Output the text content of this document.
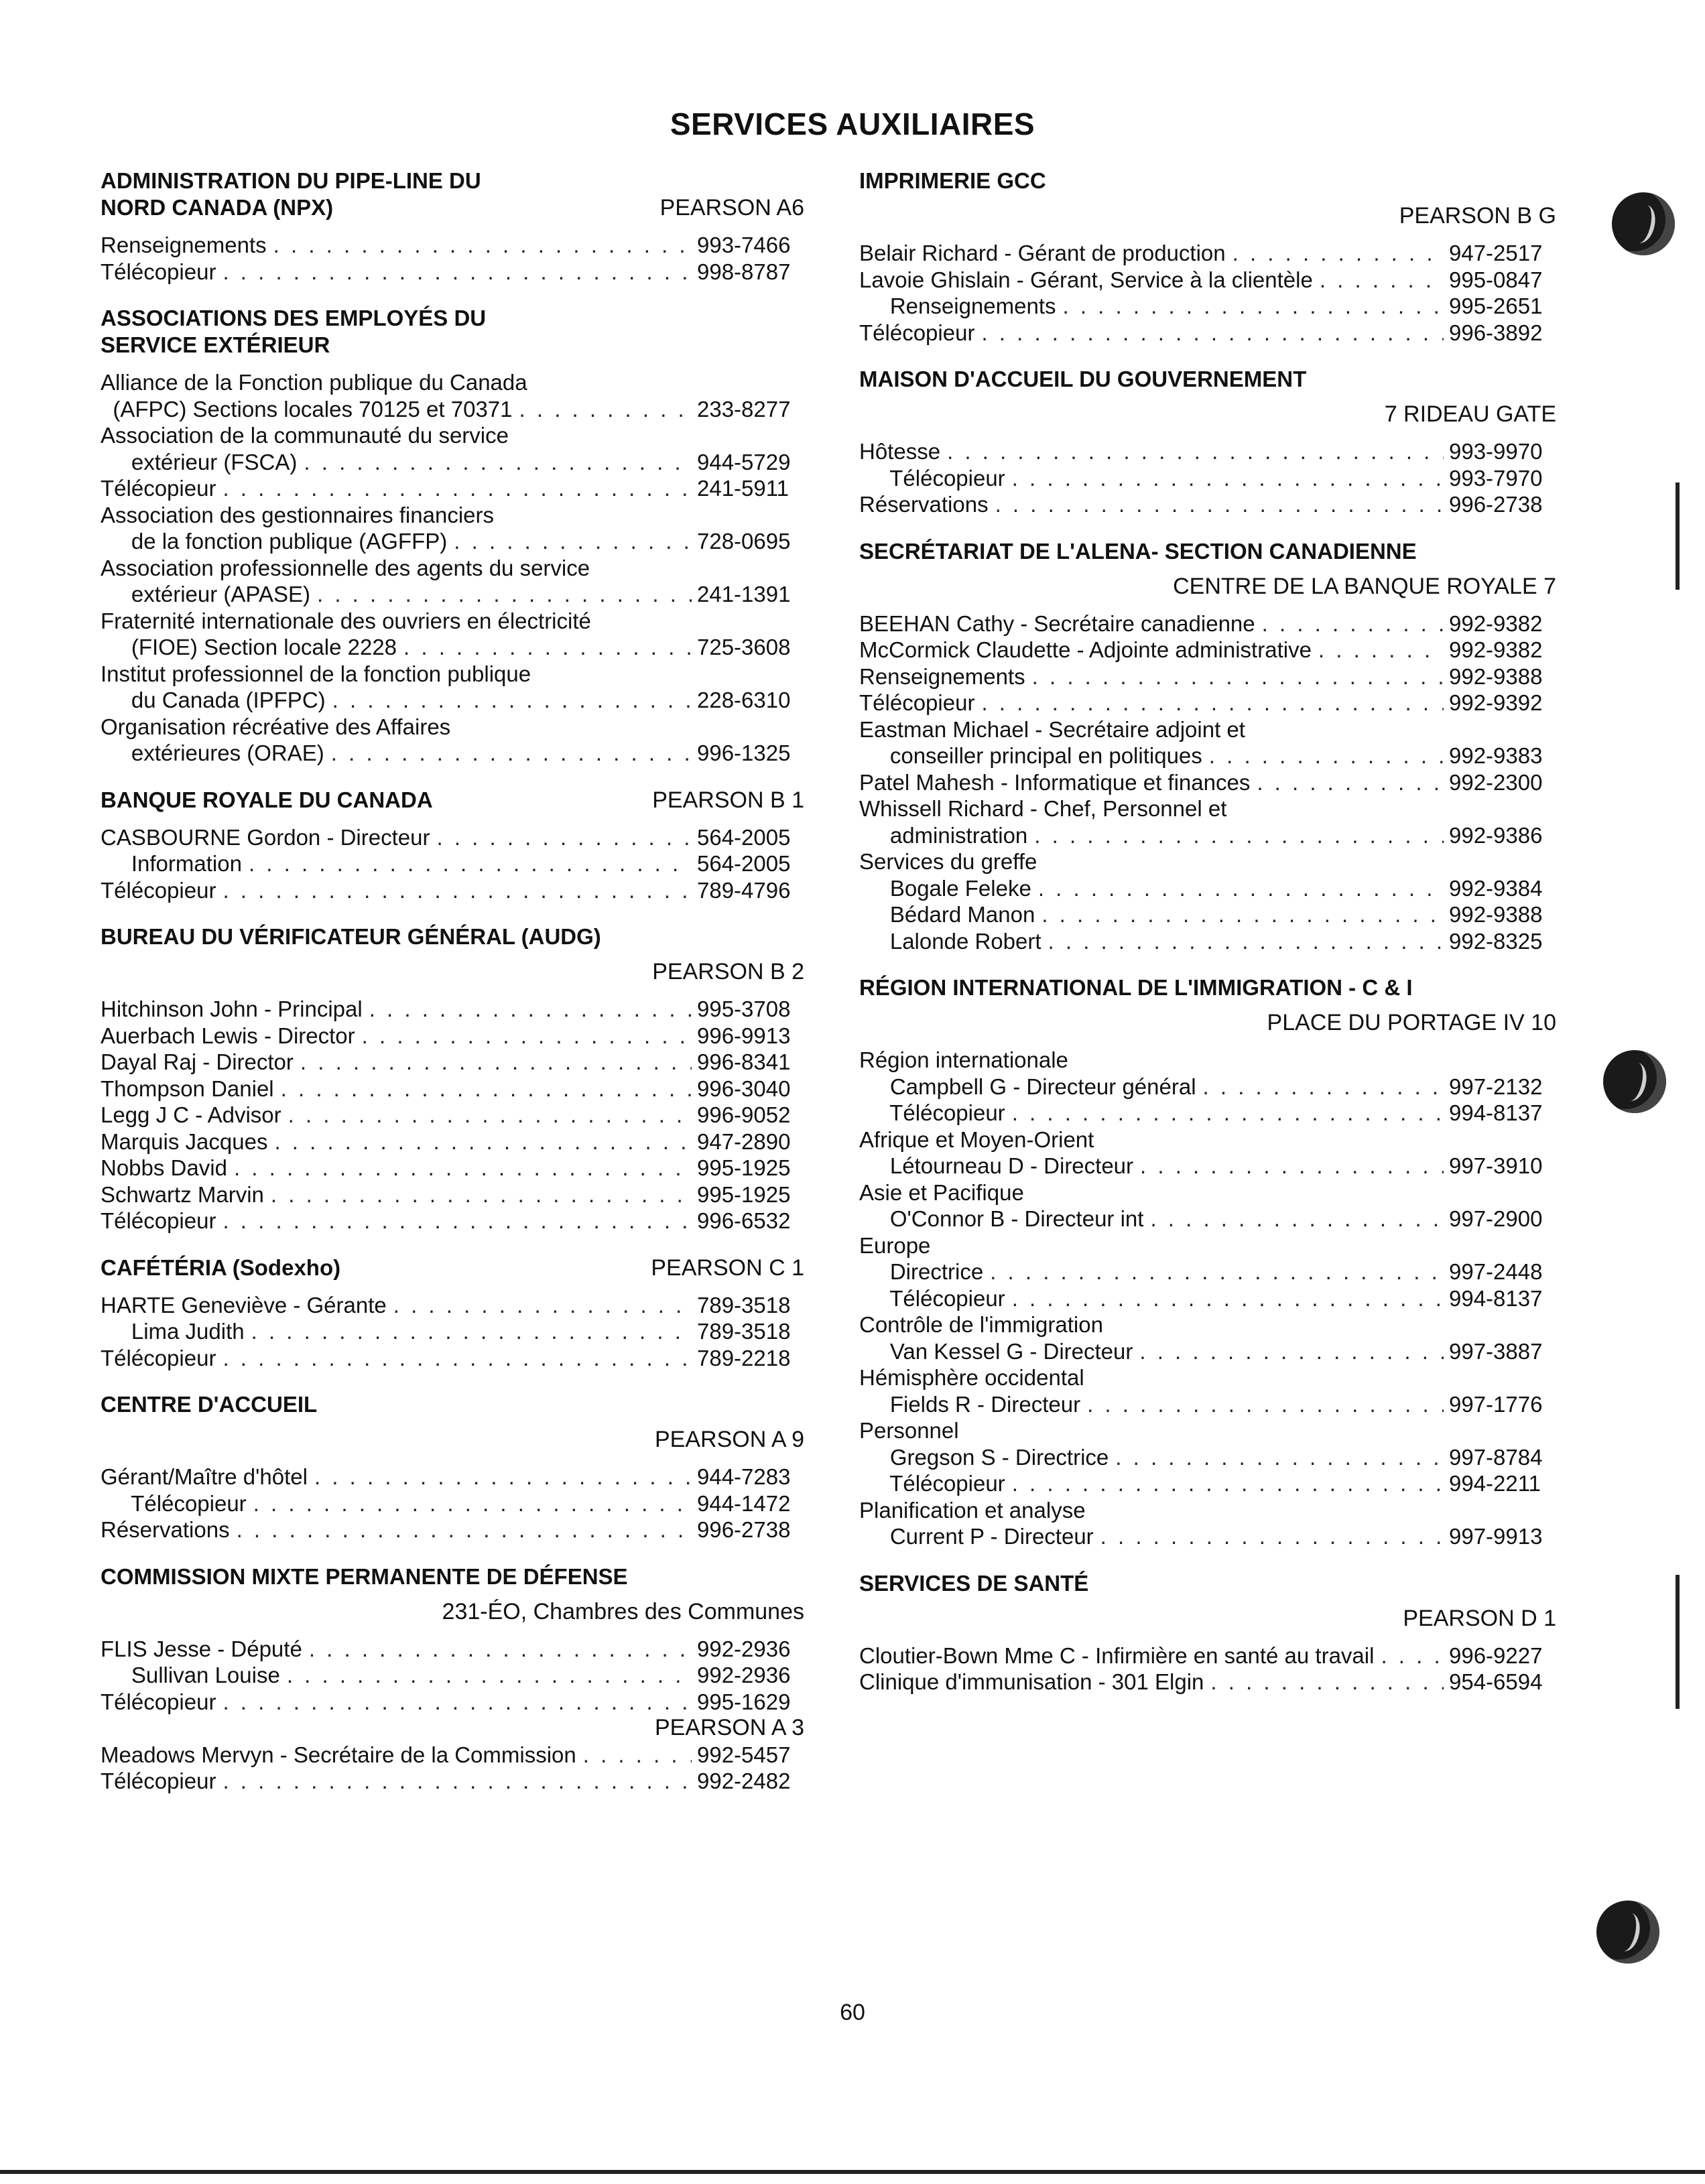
SERVICES AUXILIAIRES
ADMINISTRATION DU PIPE-LINE DU
NORD CANADA (NPX)	PEARSON A6
Renseignements . . .	993-7466
Télécopieur . . .	998-8787
ASSOCIATIONS DES EMPLOYÉS DU
SERVICE EXTÉRIEUR
Alliance de la Fonction publique du Canada
(AFPC) Sections locales 70125 et 70371 . . .	233-8277
Association de la communauté du service
extérieur (FSCA) . . .	944-5729
Télécopieur . . .	241-5911
Association des gestionnaires financiers
de la fonction publique (AGFFP) . . .	728-0695
Association professionnelle des agents du service
extérieur (APASE) . . .	241-1391
Fraternité internationale des ouvriers en électricité
(FIOE) Section locale 2228 . . .	725-3608
Institut professionnel de la fonction publique
du Canada (IPFPC) . . .	228-6310
Organisation récréative des Affaires
extérieures (ORAE) . . .	996-1325
BANQUE ROYALE DU CANADA	PEARSON B 1
CASBOURNE Gordon - Directeur . . .	564-2005
Information . . .	564-2005
Télécopieur . . .	789-4796
BUREAU DU VÉRIFICATEUR GÉNÉRAL (AUDG)
PEARSON B 2
Hitchinson John - Principal . . .	995-3708
Auerbach Lewis - Director . . .	996-9913
Dayal Raj - Director . . .	996-8341
Thompson Daniel . . .	996-3040
Legg J C - Advisor . . .	996-9052
Marquis Jacques . . .	947-2890
Nobbs David . . .	995-1925
Schwartz Marvin . . .	995-1925
Télécopieur . . .	996-6532
CAFÉTÉRIA (Sodexho)	PEARSON C 1
HARTE Geneviève - Gérante . . .	789-3518
Lima Judith . . .	789-3518
Télécopieur . . .	789-2218
CENTRE D'ACCUEIL
PEARSON A 9
Gérant/Maître d'hôtel . . .	944-7283
Télécopieur . . .	944-1472
Réservations . . .	996-2738
COMMISSION MIXTE PERMANENTE DE DÉFENSE
231-ÉO, Chambres des Communes
FLIS Jesse - Député . . .	992-2936
Sullivan Louise . . .	992-2936
Télécopieur . . .	995-1629
PEARSON A 3
Meadows Mervyn - Secrétaire de la Commission . . .	992-5457
Télécopieur . . .	992-2482
IMPRIMERIE GCC
PEARSON B G
Belair Richard - Gérant de production . . .	947-2517
Lavoie Ghislain - Gérant, Service à la clientèle . . .	995-0847
Renseignements . . .	995-2651
Télécopieur . . .	996-3892
MAISON D'ACCUEIL DU GOUVERNEMENT
7 RIDEAU GATE
Hôtesse . . .	993-9970
Télécopieur . . .	993-7970
Réservations . . .	996-2738
SECRÉTARIAT DE L'ALENA- SECTION CANADIENNE
CENTRE DE LA BANQUE ROYALE 7
BEEHAN Cathy - Secrétaire canadienne . . .	992-9382
McCormick Claudette - Adjointe administrative . . .	992-9382
Renseignements . . .	992-9388
Télécopieur . . .	992-9392
Eastman Michael - Secrétaire adjoint et
conseiller principal en politiques . . .	992-9383
Patel Mahesh - Informatique et finances . . .	992-2300
Whissell Richard - Chef, Personnel et
administration . . .	992-9386
Services du greffe
Bogale Feleke . . .	992-9384
Bédard Manon . . .	992-9388
Lalonde Robert . . .	992-8325
RÉGION INTERNATIONAL DE L'IMMIGRATION - C & I
PLACE DU PORTAGE IV 10
Région internationale
Campbell G - Directeur général . . .	997-2132
Télécopieur . . .	994-8137
Afrique et Moyen-Orient
Létourneau D - Directeur . . .	997-3910
Asie et Pacifique
O'Connor B - Directeur int . . .	997-2900
Europe
Directrice . . .	997-2448
Télécopieur . . .	994-8137
Contrôle de l'immigration
Van Kessel G - Directeur . . .	997-3887
Hémisphère occidental
Fields R - Directeur . . .	997-1776
Personnel
Gregson S - Directrice . . .	997-8784
Télécopieur . . .	994-2211
Planification et analyse
Current P - Directeur . . .	997-9913
SERVICES DE SANTÉ
PEARSON D 1
Cloutier-Bown Mme C - Infirmière en santé au travail . . .	996-9227
Clinique d'immunisation - 301 Elgin . . .	954-6594
60
